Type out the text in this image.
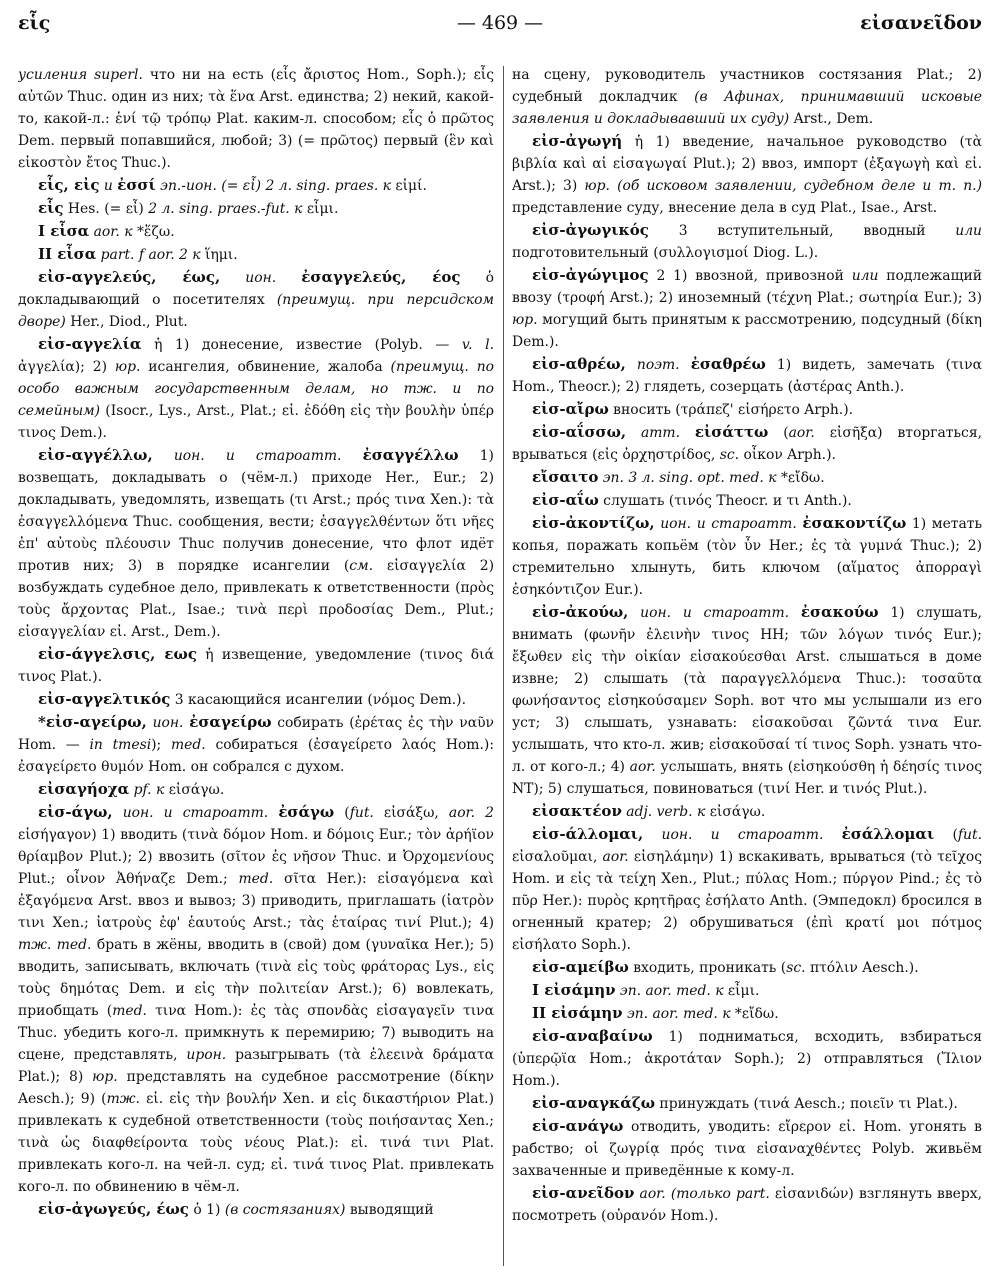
εἷς	— 469 —	εἰσανεῖδον

усиления superl. что ни на есть (εἷς ἄριστος Hom., Soph.); εἷς αὐτῶν Thuc. один из них; τὰ ἕνα Arst. единства; 2) некий, какой-то, какой-л.: ἑνί τῷ τρόπῳ Plat. каким-л. способом; εἷς ὁ πρῶτος Dem. первый попавшийся, любой; 3) (= πρῶτος) первый (ἓν καὶ εἰκοστὸν ἔτος Thuc.).

εἷς, εἰς и ἐσσί эп.-ион. (= εἶ) 2 л. sing. praes. к εἰμί.

εἷς Hes. (= εἶ) 2 л. sing. praes.-fut. к εἶμι.

I εἷσα aor. к *ἕζω.

II εἷσα part. f aor. 2 к ἵημι.

εἰσ-αγγελεύς, έως, ион. ἐσαγγελεύς, έος ὁ докладывающий о посетителях (преимущ. при персидском дворе) Her., Diod., Plut.

εἰσ-αγγελία ἡ 1) донесение, известие (Polyb. — v. l. ἀγγελία); 2) юр. исангелия, обвинение, жалоба (преимущ. по особо важным государственным делам, но тж. и по семейным) (Isocr., Lys., Arst., Plat.; εἰ. ἐδόθη εἰς τὴν βουλὴν ὑπέρ τινος Dem.).

εἰσ-αγγέλλω, ион. и староатт. ἐσαγγέλλω 1) возвещать, докладывать о (чём-л.) приходе Her., Eur.; 2) докладывать, уведомлять, извещать (τι Arst.; πρός τινα Xen.): τὰ ἐσαγγελλόμενα Thuc. сообщения, вести; ἐσαγγελθέντων ὅτι νῆες ἐπ' αὐτοὺς πλέουσιν Thuc получив донесение, что флот идёт против них; 3) в порядке исангелии (см. εἰσαγγελία 2) возбуждать судебное дело, привлекать к ответственности (πρὸς τοὺς ἄρχοντας Plat., Isae.; τινὰ περὶ προδοσίας Dem., Plut.; εἰσαγγελίαν εἰ. Arst., Dem.).

εἰσ-άγγελσις, εως ἡ извещение, уведомление (τινος διά τινος Plat.).

εἰσ-αγγελτικός 3 касающийся исангелии (νόμος Dem.).

*εἰσ-αγείρω, ион. ἐσαγείρω собирать (ἐρέτας ἐς τὴν ναῦν Hom. — in tmesi); med. собираться (ἐσαγείρετο λαός Hom.): ἐσαγείρετο θυμόν Hom. он собрался с духом.

εἰσαγήοχα pf. к εἰσάγω.

εἰσ-άγω, ион. и староатт. ἐσάγω (fut. εἰσάξω, aor. 2 εἰσήγαγον) 1) вводить (τινὰ δόμον Hom. и δόμοις Eur.; τὸν ἀρήϊον θρίαμβον Plut.); 2) ввозить (σῖτον ἐς νῆσον Thuc. и Ὀρχομενίους Plut.; οἶνον Ἀθήναζε Dem.; med. σῖτα Her.): εἰσαγόμενα καὶ ἐξαγόμενα Arst. ввоз и вывоз; 3) приводить, приглашать (ἰατρὸν τινι Xen.; ἰατροὺς ἐφ' ἑαυτούς Arst.; τὰς ἑταίρας τινί Plut.); 4) тж. med. брать в жёны, вводить в (свой) дом (γυναῖκα Her.); 5) вводить, записывать, включать (τινὰ εἰς τοὺς φράτορας Lys., εἰς τοὺς δημότας Dem. и εἰς τὴν πολιτείαν Arst.); 6) вовлекать, приобщать (med. τινα Hom.): ἐς τὰς σπονδὰς εἰσαγαγεῖν τινα Thuc. убедить кого-л. примкнуть к перемирию; 7) выводить на сцене, представлять, ирон. разыгрывать (τὰ ἐλεεινὰ δράματα Plat.); 8) юр. представлять на судебное рассмотрение (δίκην Aesch.); 9) (тж. εἰ. εἰς τὴν βουλήν Xen. и εἰς δικαστήριον Plat.) привлекать к судебной ответственности (τοὺς ποιήσαντας Xen.; τινὰ ὡς διαφθείροντα τοὺς νέους Plat.): εἰ. τινά τινι Plat. привлекать кого-л. на чей-л. суд; εἰ. τινά τινος Plat. привлекать кого-л. по обвинению в чём-л.

εἰσ-ἀγωγεύς, έως ὁ 1) (в состязаниях) выводящий

на сцену, руководитель участников состязания Plat.; 2) судебный докладчик (в Афинах, принимавший исковые заявления и докладывавший их суду) Arst., Dem.

εἰσ-ἀγωγή ἡ 1) введение, начальное руководство (τὰ βιβλία καὶ αἱ εἰσαγωγαί Plut.); 2) ввоз, импорт (ἐξαγωγὴ καὶ εἰ. Arst.); 3) юр. (об исковом заявлении, судебном деле и т. п.) представление суду, внесение дела в суд Plat., Isae., Arst.

εἰσ-ἀγωγικός 3 вступительный, вводный или подготовительный (συλλογισμοί Diog. L.).

εἰσ-ἀγώγιμος 2 1) ввозной, привозной или подлежащий ввозу (τροφή Arst.); 2) иноземный (τέχνη Plat.; σωτηρία Eur.); 3) юр. могущий быть принятым к рассмотрению, подсудный (δίκη Dem.).

εἰσ-αθρέω, поэт. ἐσαθρέω 1) видеть, замечать (τινα Hom., Theocr.); 2) глядеть, созерцать (ἀστέρας Anth.).

εἰσ-αἴρω вносить (τράπεζ' εἰσήρετο Arph.).

εἰσ-αΐσσω, атт. εἰσάττω (aor. εἰσῆξα) вторгаться, врываться (εἰς ὀρχηστρίδος, sc. οἶκον Arph.).

εἴσαιτο эп. 3 л. sing. opt. med. к *εἴδω.

εἰσ-αΐω слушать (τινός Theocr. и τι Anth.).

εἰσ-ἀκοντίζω, ион. и староатт. ἐσακοντίζω 1) метать копья, поражать копьём (τὸν ὗν Her.; ἐς τὰ γυμνά Thuc.); 2) стремительно хлынуть, бить ключом (αἵματος ἀπορραγὶ ἐσηκόντιζον Eur.).

εἰσ-ἀκούω, ион. и староатт. ἐσακούω 1) слушать, внимать (φωνῆν ἐλεινὴν τινος HH; τῶν λόγων τινός Eur.); ἔξωθεν εἰς τὴν οἰκίαν εἰσακούεσθαι Arst. слышаться в доме извне; 2) слышать (τὰ παραγγελλόμενα Thuc.): τοσαῦτα φωνήσαντος εἰσηκούσαμεν Soph. вот что мы услышали из его уст; 3) слышать, узнавать: εἰσακοῦσαι ζῶντά τινα Eur. услышать, что кто-л. жив; εἰσακοῦσαί τί τινος Soph. узнать что-л. от кого-л.; 4) aor. услышать, внять (εἰσηκούσθη ἡ δέησίς τινος NT); 5) слушаться, повиноваться (τινί Her. и τινός Plut.).

εἰσακτέον adj. verb. к εἰσάγω.

εἰσ-άλλομαι, ион. и староатт. ἐσάλλομαι (fut. εἰσαλοῦμαι, aor. εἰσηλάμην) 1) вскакивать, врываться (τὸ τεῖχος Hom. и εἰς τὰ τείχη Xen., Plut.; πύλας Hom.; πύργον Pind.; ἐς τὸ πῦρ Her.): πυρὸς κρητῆρας ἐσήλατο Anth. (Эмпедокл) бросился в огненный кратер; 2) обрушиваться (ἐπὶ κρατί μοι πότμος εἰσήλατο Soph.).

εἰσ-αμείβω входить, проникать (sc. πτόλιν Aesch.).

I εἰσάμην эп. aor. med. к εἶμι.

II εἰσάμην эп. aor. med. к *εἴδω.

εἰσ-αναβαίνω 1) подниматься, всходить, взбираться (ὑπερῷϊα Hom.; ἀκροτάταν Soph.); 2) отправляться (Ἴλιον Hom.).

εἰσ-αναγκάζω принуждать (τινά Aesch.; ποιεῖν τι Plat.).

εἰσ-ανάγω отводить, уводить: εἴρερον εἰ. Hom. угонять в рабство; οἱ ζωγρίᾳ πρός τινα εἰσαναχθέντες Polyb. живьём захваченные и приведённые к кому-л.

εἰσ-ανεῖδον aor. (только part. εἰσανιδών) взглянуть вверх, посмотреть (οὐρανόν Hom.).
